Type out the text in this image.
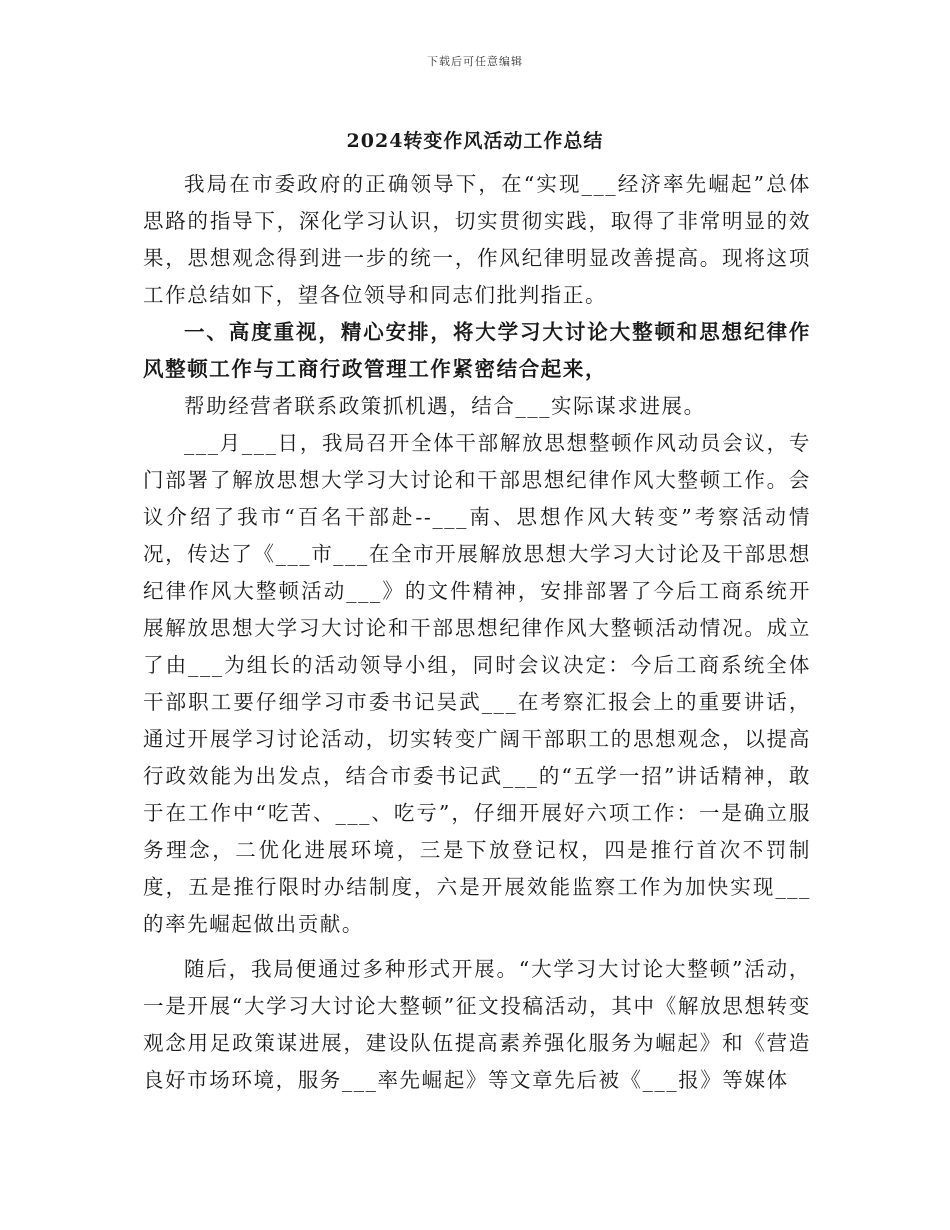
下载后可任意编辑
2024转变作风活动工作总结

我局在市委政府的正确领导下，在“实现___经济率先崛起”总体思路的指导下，深化学习认识，切实贯彻实践，取得了非常明显的效果，思想观念得到进一步的统一，作风纪律明显改善提高。现将这项工作总结如下，望各位领导和同志们批判指正。

一、高度重视，精心安排，将大学习大讨论大整顿和思想纪律作风整顿工作与工商行政管理工作紧密结合起来，

帮助经营者联系政策抓机遇，结合___实际谋求进展。

___月___日，我局召开全体干部解放思想整顿作风动员会议，专门部署了解放思想大学习大讨论和干部思想纪律作风大整顿工作。会议介绍了我市“百名干部赴--___南、思想作风大转变”考察活动情况，传达了《___市___在全市开展解放思想大学习大讨论及干部思想纪律作风大整顿活动___》的文件精神，安排部署了今后工商系统开展解放思想大学习大讨论和干部思想纪律作风大整顿活动情况。成立了由___为组长的活动领导小组，同时会议决定：今后工商系统全体干部职工要仔细学习市委书记吴武___在考察汇报会上的重要讲话，通过开展学习讨论活动，切实转变广阔干部职工的思想观念，以提高行政效能为出发点，结合市委书记武___的“五学一招”讲话精神，敢于在工作中“吃苦、___、吃亏”，仔细开展好六项工作：一是确立服务理念，二优化进展环境，三是下放登记权，四是推行首次不罚制度，五是推行限时办结制度，六是开展效能监察工作为加快实现___的率先崛起做出贡献。

随后，我局便通过多种形式开展。“大学习大讨论大整顿”活动，一是开展“大学习大讨论大整顿”征文投稿活动，其中《解放思想转变观念用足政策谋进展，建设队伍提高素养强化服务为崛起》和《营造良好市场环境，服务___率先崛起》等文章先后被《___报》等媒体
